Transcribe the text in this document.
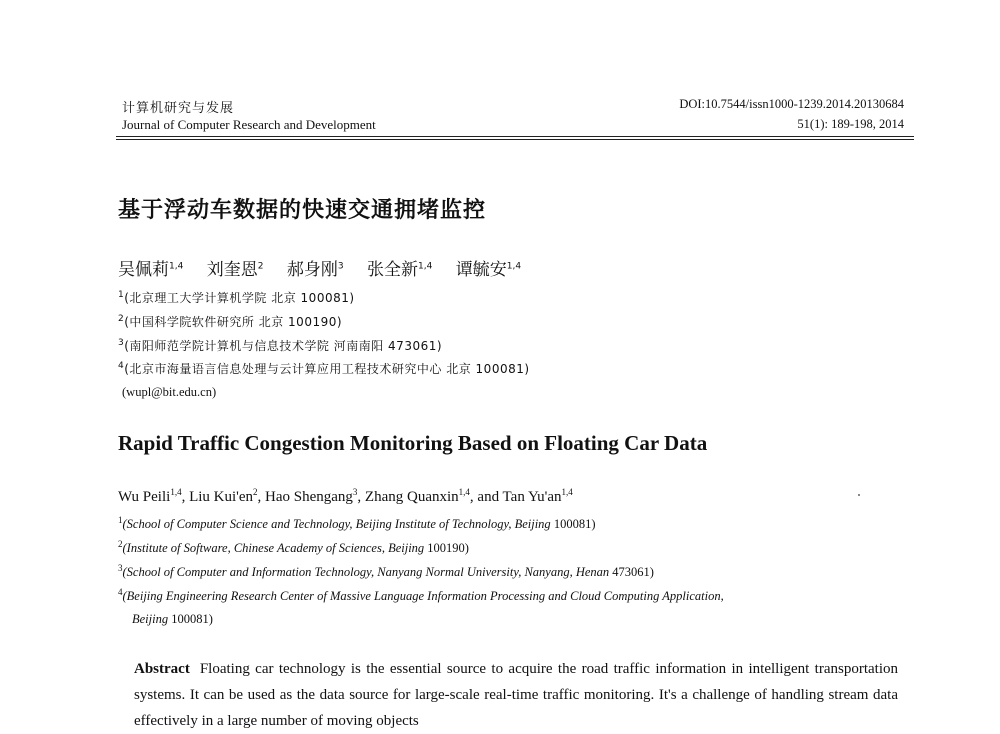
计算机研究与发展
Journal of Computer Research and Development
DOI:10.7544/issn1000-1239.2014.20130684
51(1): 189-198, 2014
基于浮动车数据的快速交通拥堵监控
吴佩莉$^{1,4}$ 刘奎恩$^2$ 郝身刚$^3$ 张全新$^{1,4}$ 谭毓安$^{1,4}$
$^1$(北京理工大学计算机学院 北京 100081)
$^2$(中国科学院软件研究所 北京 100190)
$^3$(南阳师范学院计算机与信息技术学院 河南南阳 473061)
$^4$(北京市海量语言信息处理与云计算应用工程技术研究中心 北京 100081)
(wupl@bit.edu.cn)
Rapid Traffic Congestion Monitoring Based on Floating Car Data
Wu Peili$^{1,4}$, Liu $Kui'en^2$, Hao Shengang$^3$, Zhang Quanxin$^{1,4}$, and Tan Yu'an$^{1,4}$
$^1$(School of Computer Science and Technology, Beijing Institute of Technology, Beijing 100081)
$^2$(Institute of Software, Chinese Academy of Sciences, Beijing 100190)
$^3$(School of Computer and Information Technology, Nanyang Normal University, Nanyang, Henan 473061)
$^4$(Beijing Engineering Research Center of Massive Language Information Processing and Cloud Computing Application,
Beijing 100081)
Abstract Floating car technology is the essential source to acquire the road traffic information in intelligent transportation systems. It can be used as the data source for large-scale real-time traffic monitoring. It's a challenge of handling stream data effectively in a large number of moving objects
